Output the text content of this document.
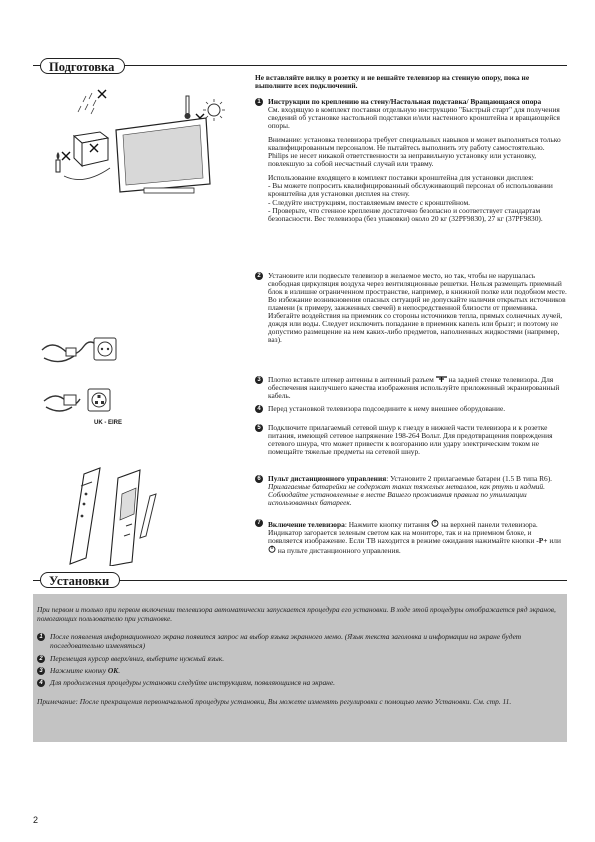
Подготовка
UK - EIRE
Не вставляйте вилку в розетку и не вешайте телевизор на стенную опору, пока не выполните всех подключений.
1 Инструкции по креплению на стену/Настольная подставка/ Вращающаяся опора

См. входящую в комплект поставки отдельную инструкцию "Быстрый старт" для получения сведений об установке настольной подставки и/или настенного кронштейна и вращающейся опоры.

Внимание: установка телевизора требует специальных навыков и может выполняться только квалифицированным персоналом. Не пытайтесь выполнить эту работу самостоятельно.

Philips не несет никакой ответственности за неправильную установку или установку, повлекшую за собой несчастный случай или травму.

Использование входящего в комплект поставки кронштейна для установки дисплея:

- Вы можете попросить квалифицированный обслуживающий персонал об использовании кронштейна для установки дисплея на стену.

- Следуйте инструкциям, поставляемым вместе с кронштейном.

- Проверьте, что стенное крепление достаточно безопасно и соответствует стандартам безопасности. Вес телевизора (без упаковки) около 20 кг (32PF9830), 27 кг (37PF9830).

2 Установите или подвесьте телевизор в желаемое место, но так, чтобы не нарушалась свободная циркуляция воздуха через вентиляционные решетки. Нельзя размещать приемный блок в излишне ограниченном пространстве, например, в книжной полке или подобном месте. Во избежание возникновения опасных ситуаций не допускайте наличия открытых источников пламени (к примеру, зажженных свечей) в непосредственной близости от приемника. Избегайте воздействия на приемник со стороны источников тепла, прямых солнечных лучей, дождя или воды. Следует исключить попадание в приемник капель или брызг; и поэтому не допустимо размещение на нем каких-либо предметов, наполненных жидкостями (например, ваз).
3 Плотно вставьте штекер антенны в антенный разъем на задней стенке телевизора. Для обеспечения наилучшего качества изображения используйте приложенный экранированный кабель.
4 Перед установкой телевизора подсоедините к нему внешнее оборудование.
5 Подключите прилагаемый сетевой шнур к гнезду в нижней части телевизора и к розетке питания, имеющей сетевое напряжение 198-264 Вольт. Для предотвращения повреждения сетевого шнура, что может привести к возгоранию или удару электрическим током не помещайте тяжелые предметы на сетевой шнур.
6 Пульт дистанционного управления: Установите 2 прилагаемые батареи (1.5 В типа R6).

Прилагаемые батарейки не содержат таких тяжелых металлов, как ртуть и кадмий. Соблюдайте установленные в месте Вашего проживания правила по утилизации использованных батареек.

7 Включение телевизора: Нажмите кнопку питания на верхней панели телевизора. Индикатор загорается зеленым светом как на мониторе, так и на приемном блоке, и появляется изображение. Если ТВ находится в режиме ожидания нажимайте кнопки -P+ или  на пульте дистанционного управления.
Установки
При первом и только при первом включении телевизора автоматически запускается процедура его установки. В ходе этой процедуры отображается ряд экранов, помогающих пользователю при установке.
1 После появления информационного экрана появится запрос на выбор языка экранного меню. (Язык текста заголовка и информации на экране будет последовательно изменяться)
2 Перемещая курсор вверх/вниз, выберите нужный язык.
3 Нажмите кнопку OK.
4 Для продолжения процедуры установки следуйте инструкциям, появляющимся на экране.
Примечание: После прекращения первоначальной процедуры установки, Вы можете изменять регулировки с помощью меню Установки. См. стр. 11.
2
